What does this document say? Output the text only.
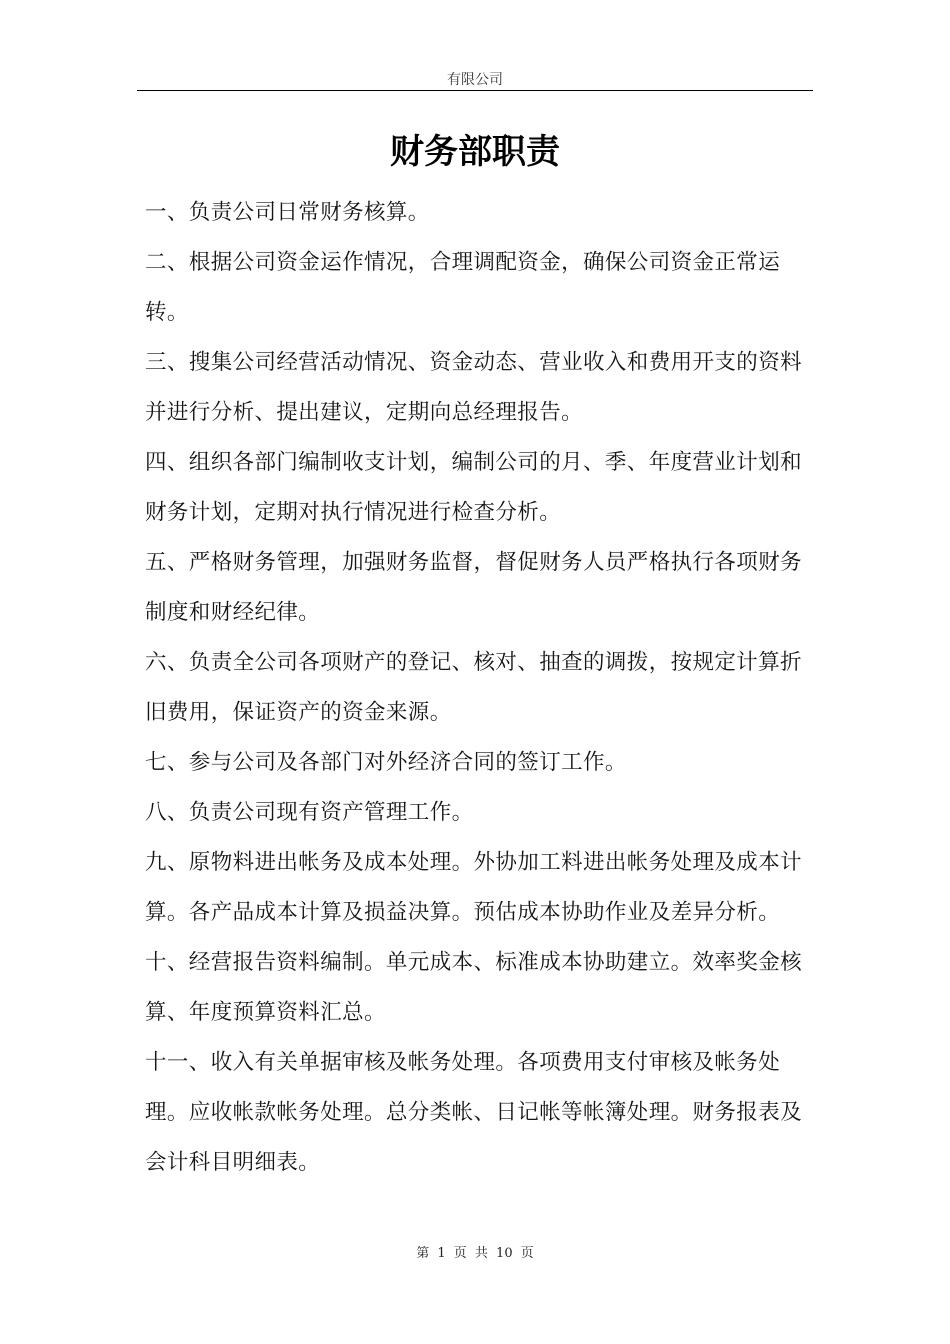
有限公司
财务部职责

一、负责公司日常财务核算。

二、根据公司资金运作情况，合理调配资金，确保公司资金正常运转。

三、搜集公司经营活动情况、资金动态、营业收入和费用开支的资料并进行分析、提出建议，定期向总经理报告。

四、组织各部门编制收支计划，编制公司的月、季、年度营业计划和财务计划，定期对执行情况进行检查分析。

五、严格财务管理，加强财务监督，督促财务人员严格执行各项财务制度和财经纪律。

六、负责全公司各项财产的登记、核对、抽查的调拨，按规定计算折旧费用，保证资产的资金来源。

七、参与公司及各部门对外经济合同的签订工作。

八、负责公司现有资产管理工作。

九、原物料进出帐务及成本处理。外协加工料进出帐务处理及成本计算。各产品成本计算及损益决算。预估成本协助作业及差异分析。

十、经营报告资料编制。单元成本、标准成本协助建立。效率奖金核算、年度预算资料汇总。

十一、收入有关单据审核及帐务处理。各项费用支付审核及帐务处理。应收帐款帐务处理。总分类帐、日记帐等帐簿处理。财务报表及会计科目明细表。

第 1 页 共 10 页
